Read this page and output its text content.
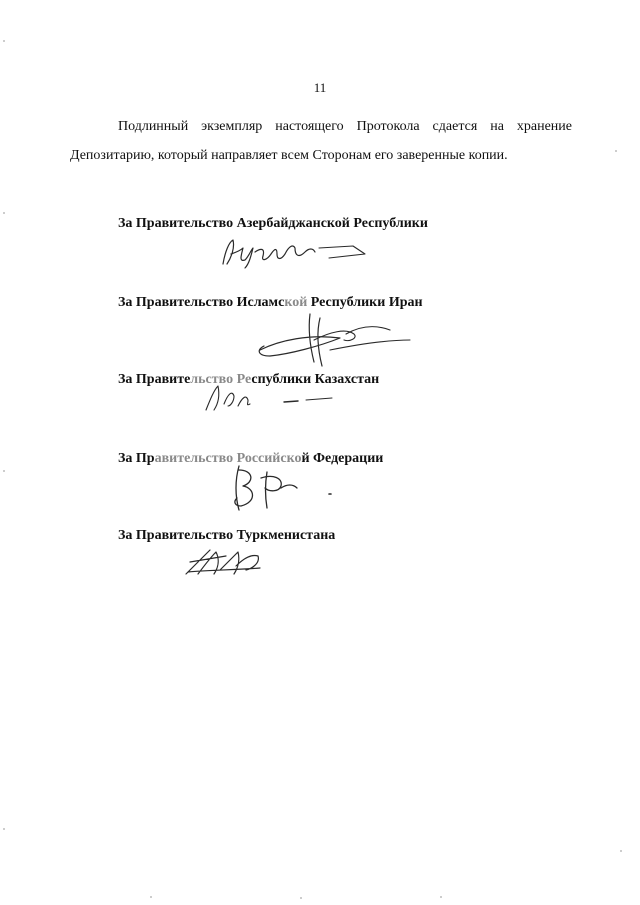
11
Подлинный экземпляр настоящего Протокола сдается на хранение Депозитарию, который направляет всем Сторонам его заверенные копии.
За Правительство Азербайджанской Республики
За Правительство Исламской Республики Иран
За Правительство Республики Казахстан
За Правительство Российской Федерации
За Правительство Туркменистана
